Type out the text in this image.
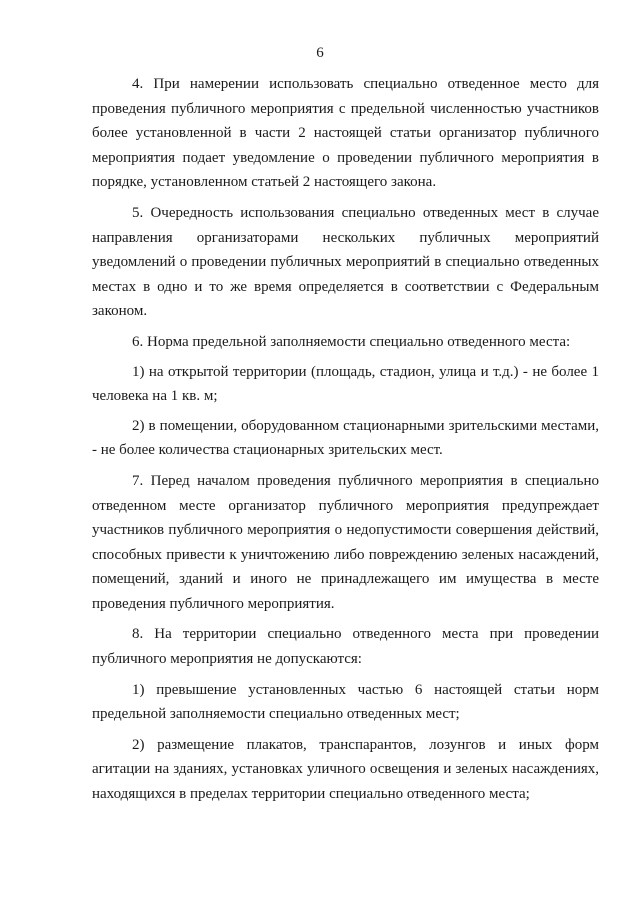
6

4. При намерении использовать специально отведенное место для проведения публичного мероприятия с предельной численностью участников более установленной в части 2 настоящей статьи организатор публичного мероприятия подает уведомление о проведении публичного мероприятия в порядке, установленном статьей 2 настоящего закона.

5. Очередность использования специально отведенных мест в случае направления организаторами нескольких публичных мероприятий уведомлений о проведении публичных мероприятий в специально отведенных местах в одно и то же время определяется в соответствии с Федеральным законом.

6. Норма предельной заполняемости специально отведенного места:

1) на открытой территории (площадь, стадион, улица и т.д.) - не более 1 человека на 1 кв. м;

2) в помещении, оборудованном стационарными зрительскими местами, - не более количества стационарных зрительских мест.

7. Перед началом проведения публичного мероприятия в специально отведенном месте организатор публичного мероприятия предупреждает участников публичного мероприятия о недопустимости совершения действий, способных привести к уничтожению либо повреждению зеленых насаждений, помещений, зданий и иного не принадлежащего им имущества в месте проведения публичного мероприятия.

8. На территории специально отведенного места при проведении публичного мероприятия не допускаются:

1) превышение установленных частью 6 настоящей статьи норм предельной заполняемости специально отведенных мест;

2) размещение плакатов, транспарантов, лозунгов и иных форм агитации на зданиях, установках уличного освещения и зеленых насаждениях, находящихся в пределах территории специально отведенного места;
